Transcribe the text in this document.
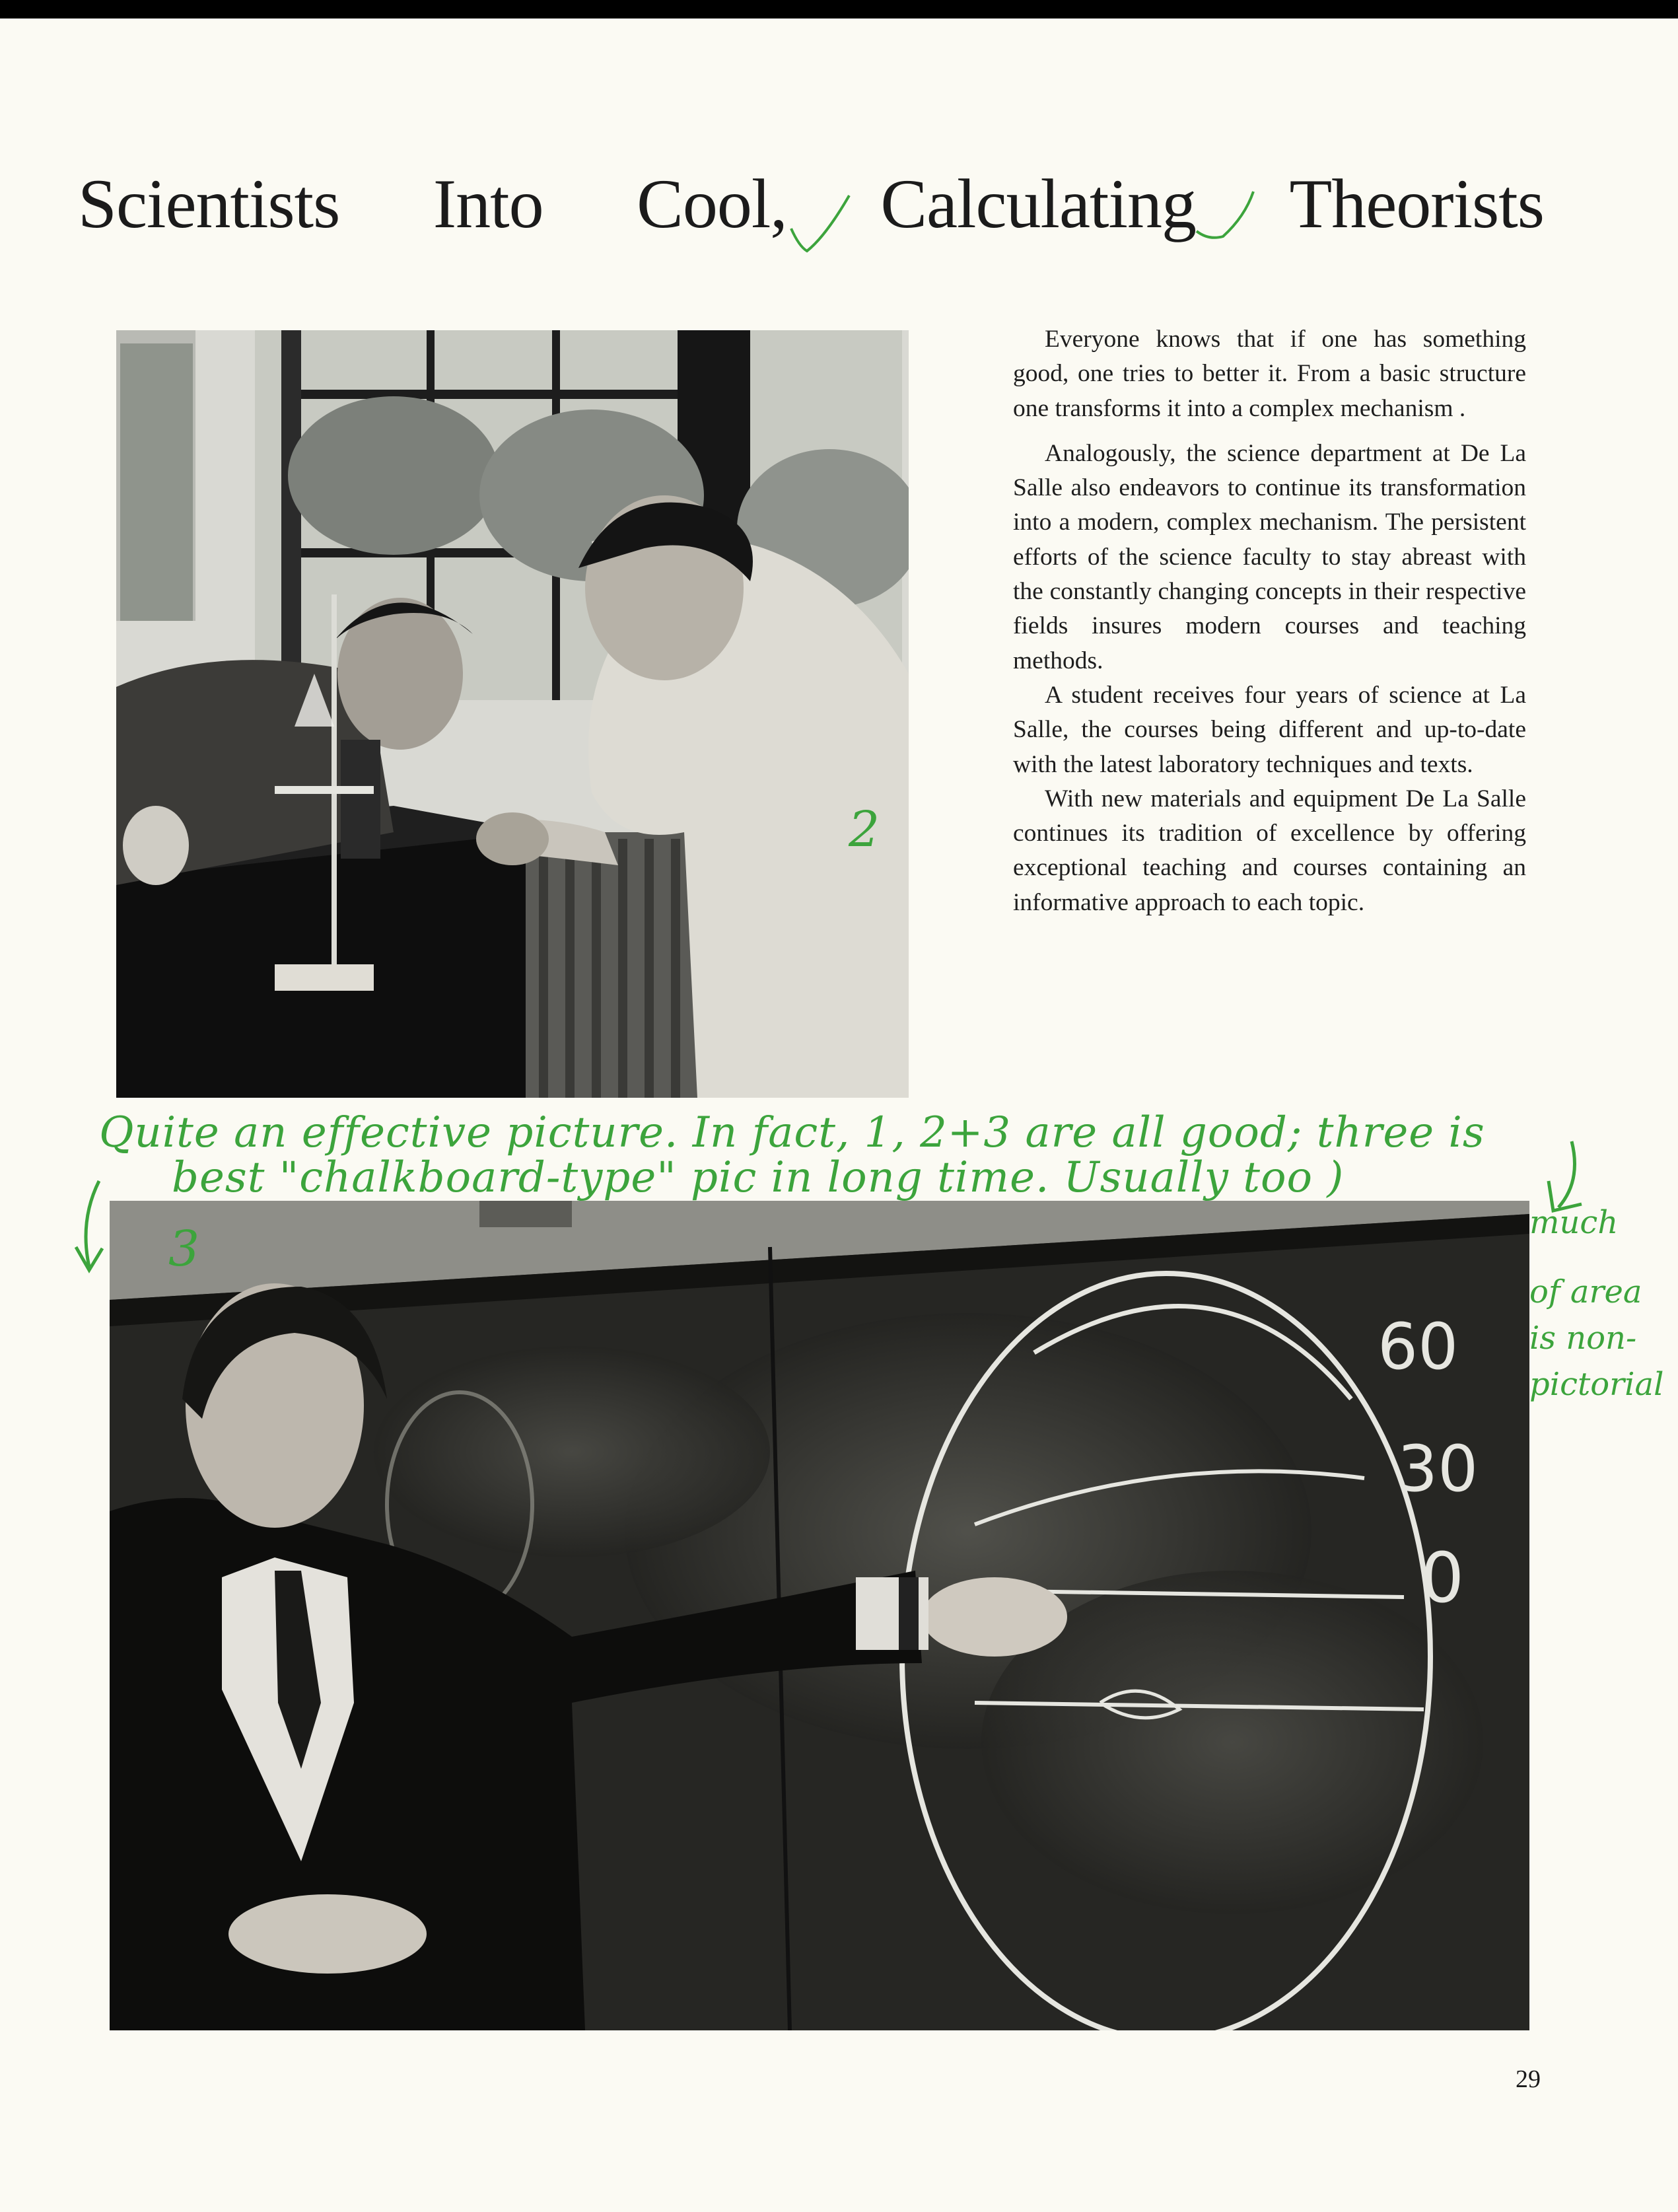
Scientists Into Cool, Calculating Theorists

Everyone knows that if one has something good, one tries to better it. From a basic structure one transforms it into a complex mechanism .

Analogously, the science department at De La Salle also endeavors to continue its transformation into a modern, complex mechanism. The persistent efforts of the science faculty to stay abreast with the constantly changing concepts in their respective fields insures modern courses and teaching methods.

A student receives four years of science at La Salle, the courses being different and up-to-date with the latest laboratory techniques and texts.

With new materials and equipment De La Salle continues its tradition of excellence by offering exceptional teaching and courses containing an informative approach to each topic.

60
30
0
Quite an effective picture. In fact, 1, 2+3 are all good; three is
best "chalkboard-type" pic in long time. Usually too )
much
of area
is non-
pictorial
2
3
29
